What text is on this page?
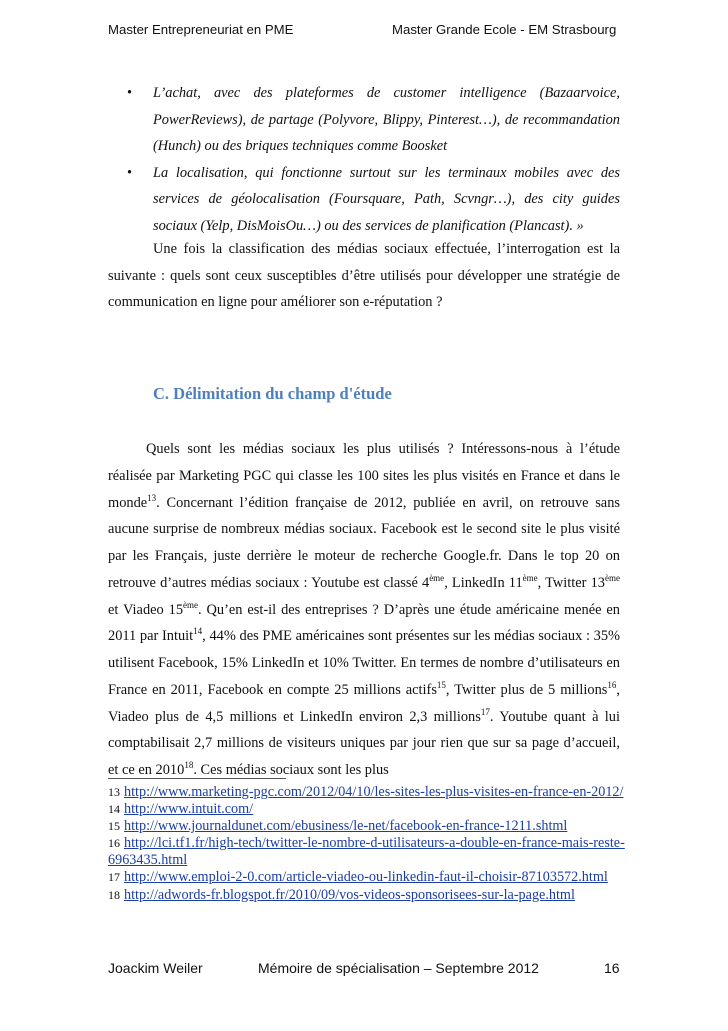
Master Entrepreneuriat en PME	Master Grande Ecole - EM Strasbourg
• L’achat, avec des plateformes de customer intelligence (Bazaarvoice, PowerReviews), de partage (Polyvore, Blippy, Pinterest…), de recommandation (Hunch) ou des briques techniques comme Boosket
• La localisation, qui fonctionne surtout sur les terminaux mobiles avec des services de géolocalisation (Foursquare, Path, Scvngr…), des city guides sociaux (Yelp, DisMoisOu…) ou des services de planification (Plancast). »

Une fois la classification des médias sociaux effectuée, l’interrogation est la suivante : quels sont ceux susceptibles d’être utilisés pour développer une stratégie de communication en ligne pour améliorer son e-réputation ?

C. Délimitation du champ d'étude

Quels sont les médias sociaux les plus utilisés ? Intéressons-nous à l’étude réalisée par Marketing PGC qui classe les 100 sites les plus visités en France et dans le monde$^{13}$. Concernant l’édition française de 2012, publiée en avril, on retrouve sans aucune surprise de nombreux médias sociaux. Facebook est le second site le plus visité par les Français, juste derrière le moteur de recherche Google.fr. Dans le top 20 on retrouve d’autres médias sociaux : Youtube est classé 4ème, LinkedIn 11ème, Twitter 13ème et Viadeo 15ème. Qu’en est-il des entreprises ? D’après une étude américaine menée en 2011 par Intuit$^{14}$, 44% des PME américaines sont présentes sur les médias sociaux : 35% utilisent Facebook, 15% LinkedIn et 10% Twitter. En termes de nombre d’utilisateurs en France en 2011, Facebook en compte 25 millions actifs$^{15}$, Twitter plus de 5 millions$^{16}$, Viadeo plus de 4,5 millions et LinkedIn environ 2,3 millions$^{17}$. Youtube quant à lui comptabilisait 2,7 millions de visiteurs uniques par jour rien que sur sa page d’accueil, et ce en 2010$^{18}$. Ces médias sociaux sont les plus

13 http://www.marketing-pgc.com/2012/04/10/les-sites-les-plus-visites-en-france-en-2012/
14 http://www.intuit.com/
15 http://www.journaldunet.com/ebusiness/le-net/facebook-en-france-1211.shtml
16 http://lci.tf1.fr/high-tech/twitter-le-nombre-d-utilisateurs-a-double-en-france-mais-reste-6963435.html
17 http://www.emploi-2-0.com/article-viadeo-ou-linkedin-faut-il-choisir-87103572.html
18 http://adwords-fr.blogspot.fr/2010/09/vos-videos-sponsorisees-sur-la-page.html
Joackim Weiler	Mémoire de spécialisation – Septembre 2012	16
